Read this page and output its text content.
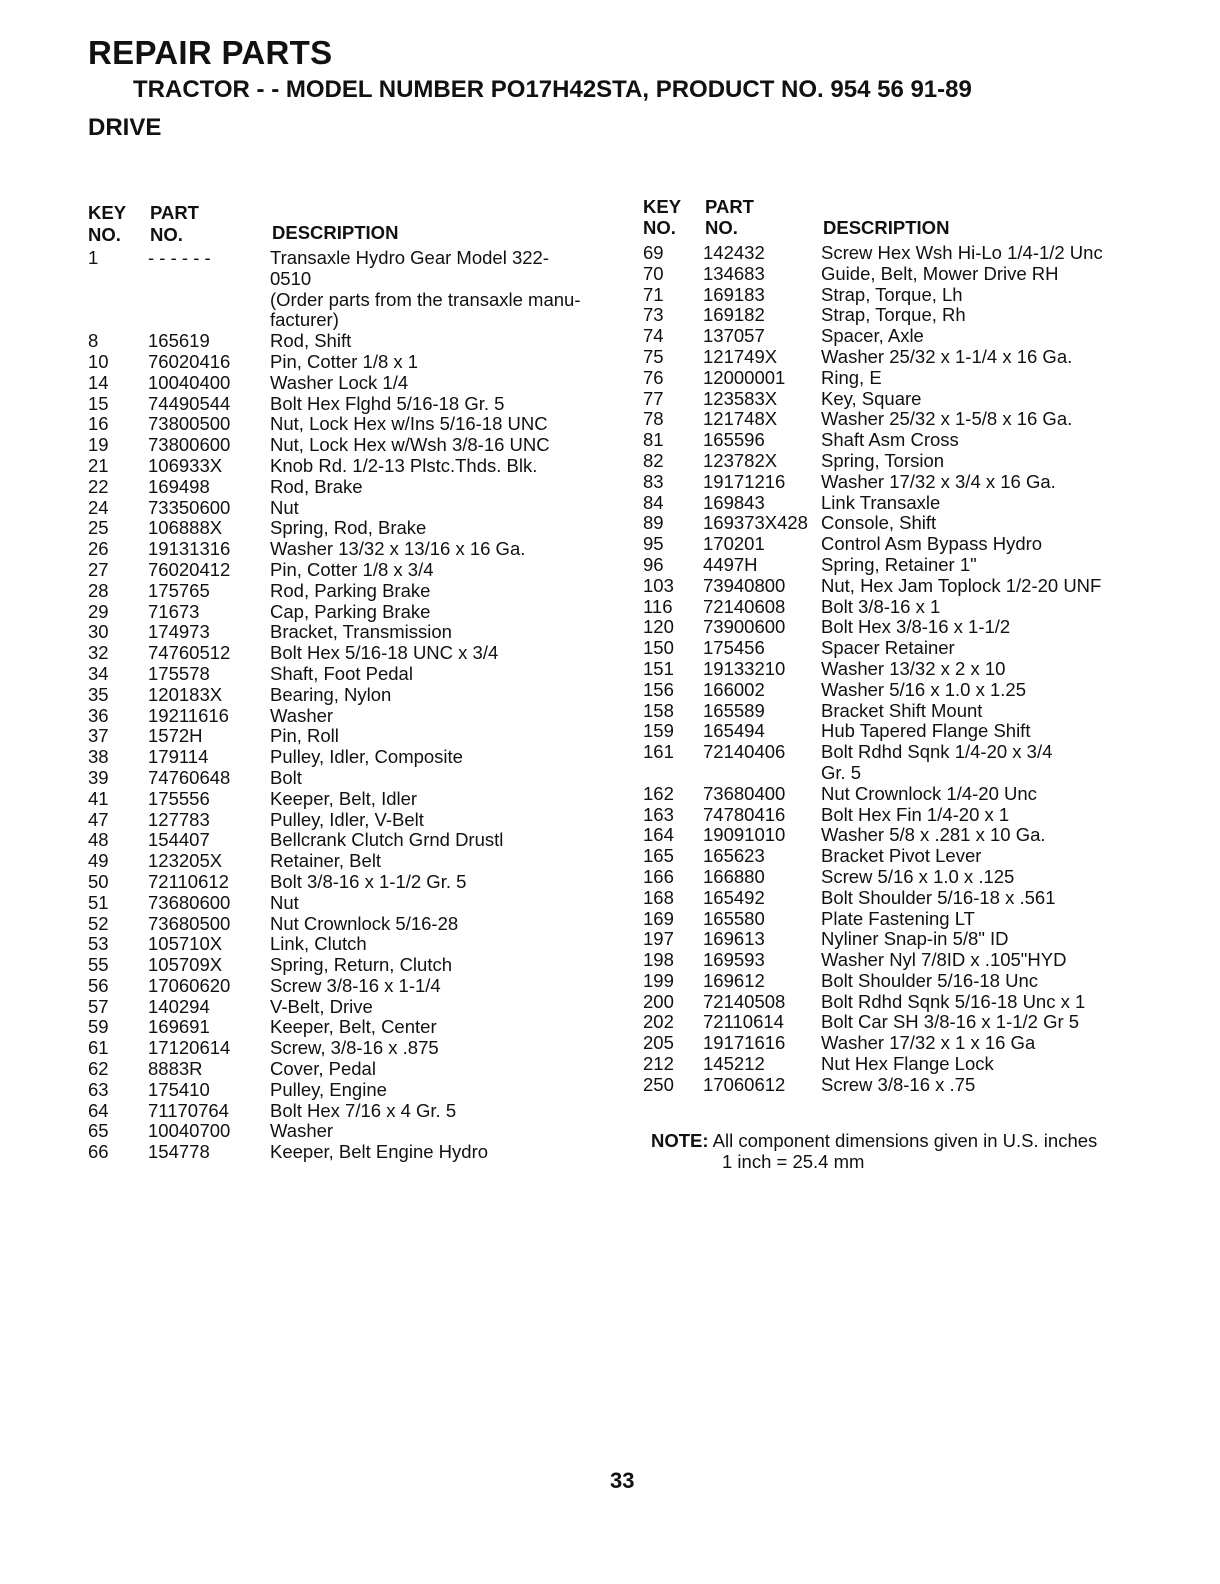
REPAIR PARTS
TRACTOR - - MODEL NUMBER PO17H42STA, PRODUCT NO. 954 56 91-89
DRIVE
KEY
NO.
PART
NO.	DESCRIPTION
1	- - - - - -	Transaxle Hydro Gear Model 322-
0510
(Order parts from the transaxle manu-
facturer)
8	165619	Rod, Shift
10	76020416	Pin, Cotter 1/8 x 1
14	10040400	Washer Lock 1/4
15	74490544	Bolt Hex Flghd 5/16-18 Gr. 5
16	73800500	Nut, Lock Hex w/Ins 5/16-18 UNC
19	73800600	Nut, Lock Hex w/Wsh 3/8-16 UNC
21	106933X	Knob Rd. 1/2-13 Plstc.Thds. Blk.
22	169498	Rod, Brake
24	73350600	Nut
25	106888X	Spring, Rod, Brake
26	19131316	Washer 13/32 x 13/16 x 16 Ga.
27	76020412	Pin, Cotter 1/8 x 3/4
28	175765	Rod, Parking Brake
29	71673	Cap, Parking Brake
30	174973	Bracket, Transmission
32	74760512	Bolt Hex 5/16-18 UNC x 3/4
34	175578	Shaft, Foot Pedal
35	120183X	Bearing, Nylon
36	19211616	Washer
37	1572H	Pin, Roll
38	179114	Pulley, Idler, Composite
39	74760648	Bolt
41	175556	Keeper, Belt, Idler
47	127783	Pulley, Idler, V-Belt
48	154407	Bellcrank Clutch Grnd Drustl
49	123205X	Retainer, Belt
50	72110612	Bolt 3/8-16 x 1-1/2 Gr. 5
51	73680600	Nut
52	73680500	Nut Crownlock 5/16-28
53	105710X	Link, Clutch
55	105709X	Spring, Return, Clutch
56	17060620	Screw 3/8-16 x 1-1/4
57	140294	V-Belt, Drive
59	169691	Keeper, Belt, Center
61	17120614	Screw, 3/8-16 x .875
62	8883R	Cover, Pedal
63	175410	Pulley, Engine
64	71170764	Bolt Hex 7/16 x 4 Gr. 5
65	10040700	Washer
66	154778	Keeper, Belt Engine Hydro
KEY
NO.
PART
NO.	DESCRIPTION
69	142432	Screw Hex Wsh Hi-Lo 1/4-1/2 Unc
70	134683	Guide, Belt, Mower Drive RH
71	169183	Strap, Torque, Lh
73	169182	Strap, Torque, Rh
74	137057	Spacer, Axle
75	121749X	Washer 25/32 x 1-1/4 x 16 Ga.
76	12000001	Ring, E
77	123583X	Key, Square
78	121748X	Washer 25/32 x 1-5/8 x 16 Ga.
81	165596	Shaft Asm Cross
82	123782X	Spring, Torsion
83	19171216	Washer 17/32 x 3/4 x 16 Ga.
84	169843	Link Transaxle
89	169373X428 Console, Shift
95	170201	Control Asm Bypass Hydro
96	4497H	Spring, Retainer 1"
103	73940800	Nut, Hex Jam Toplock 1/2-20 UNF
116	72140608	Bolt 3/8-16 x 1
120	73900600	Bolt Hex 3/8-16 x 1-1/2
150	175456	Spacer Retainer
151	19133210	Washer 13/32 x 2 x 10
156	166002	Washer 5/16 x 1.0 x 1.25
158	165589	Bracket Shift Mount
159	165494	Hub Tapered Flange Shift
161	72140406	Bolt Rdhd Sqnk 1/4-20 x 3/4
Gr. 5
162	73680400	Nut Crownlock 1/4-20 Unc
163	74780416	Bolt Hex Fin 1/4-20 x 1
164	19091010	Washer 5/8 x .281 x 10 Ga.
165	165623	Bracket Pivot Lever
166	166880	Screw 5/16 x 1.0 x .125
168	165492	Bolt Shoulder 5/16-18 x .561
169	165580	Plate Fastening LT
197	169613	Nyliner Snap-in 5/8" ID
198	169593	Washer Nyl 7/8ID x .105"HYD
199	169612	Bolt Shoulder 5/16-18 Unc
200	72140508	Bolt Rdhd Sqnk 5/16-18 Unc x 1
202	72110614	Bolt Car SH 3/8-16 x 1-1/2 Gr 5
205	19171616	Washer 17/32 x 1 x 16 Ga
212	145212	Nut Hex Flange Lock
250	17060612	Screw 3/8-16 x .75
NOTE: All component dimensions given in U.S. inches
1 inch = 25.4 mm
33
